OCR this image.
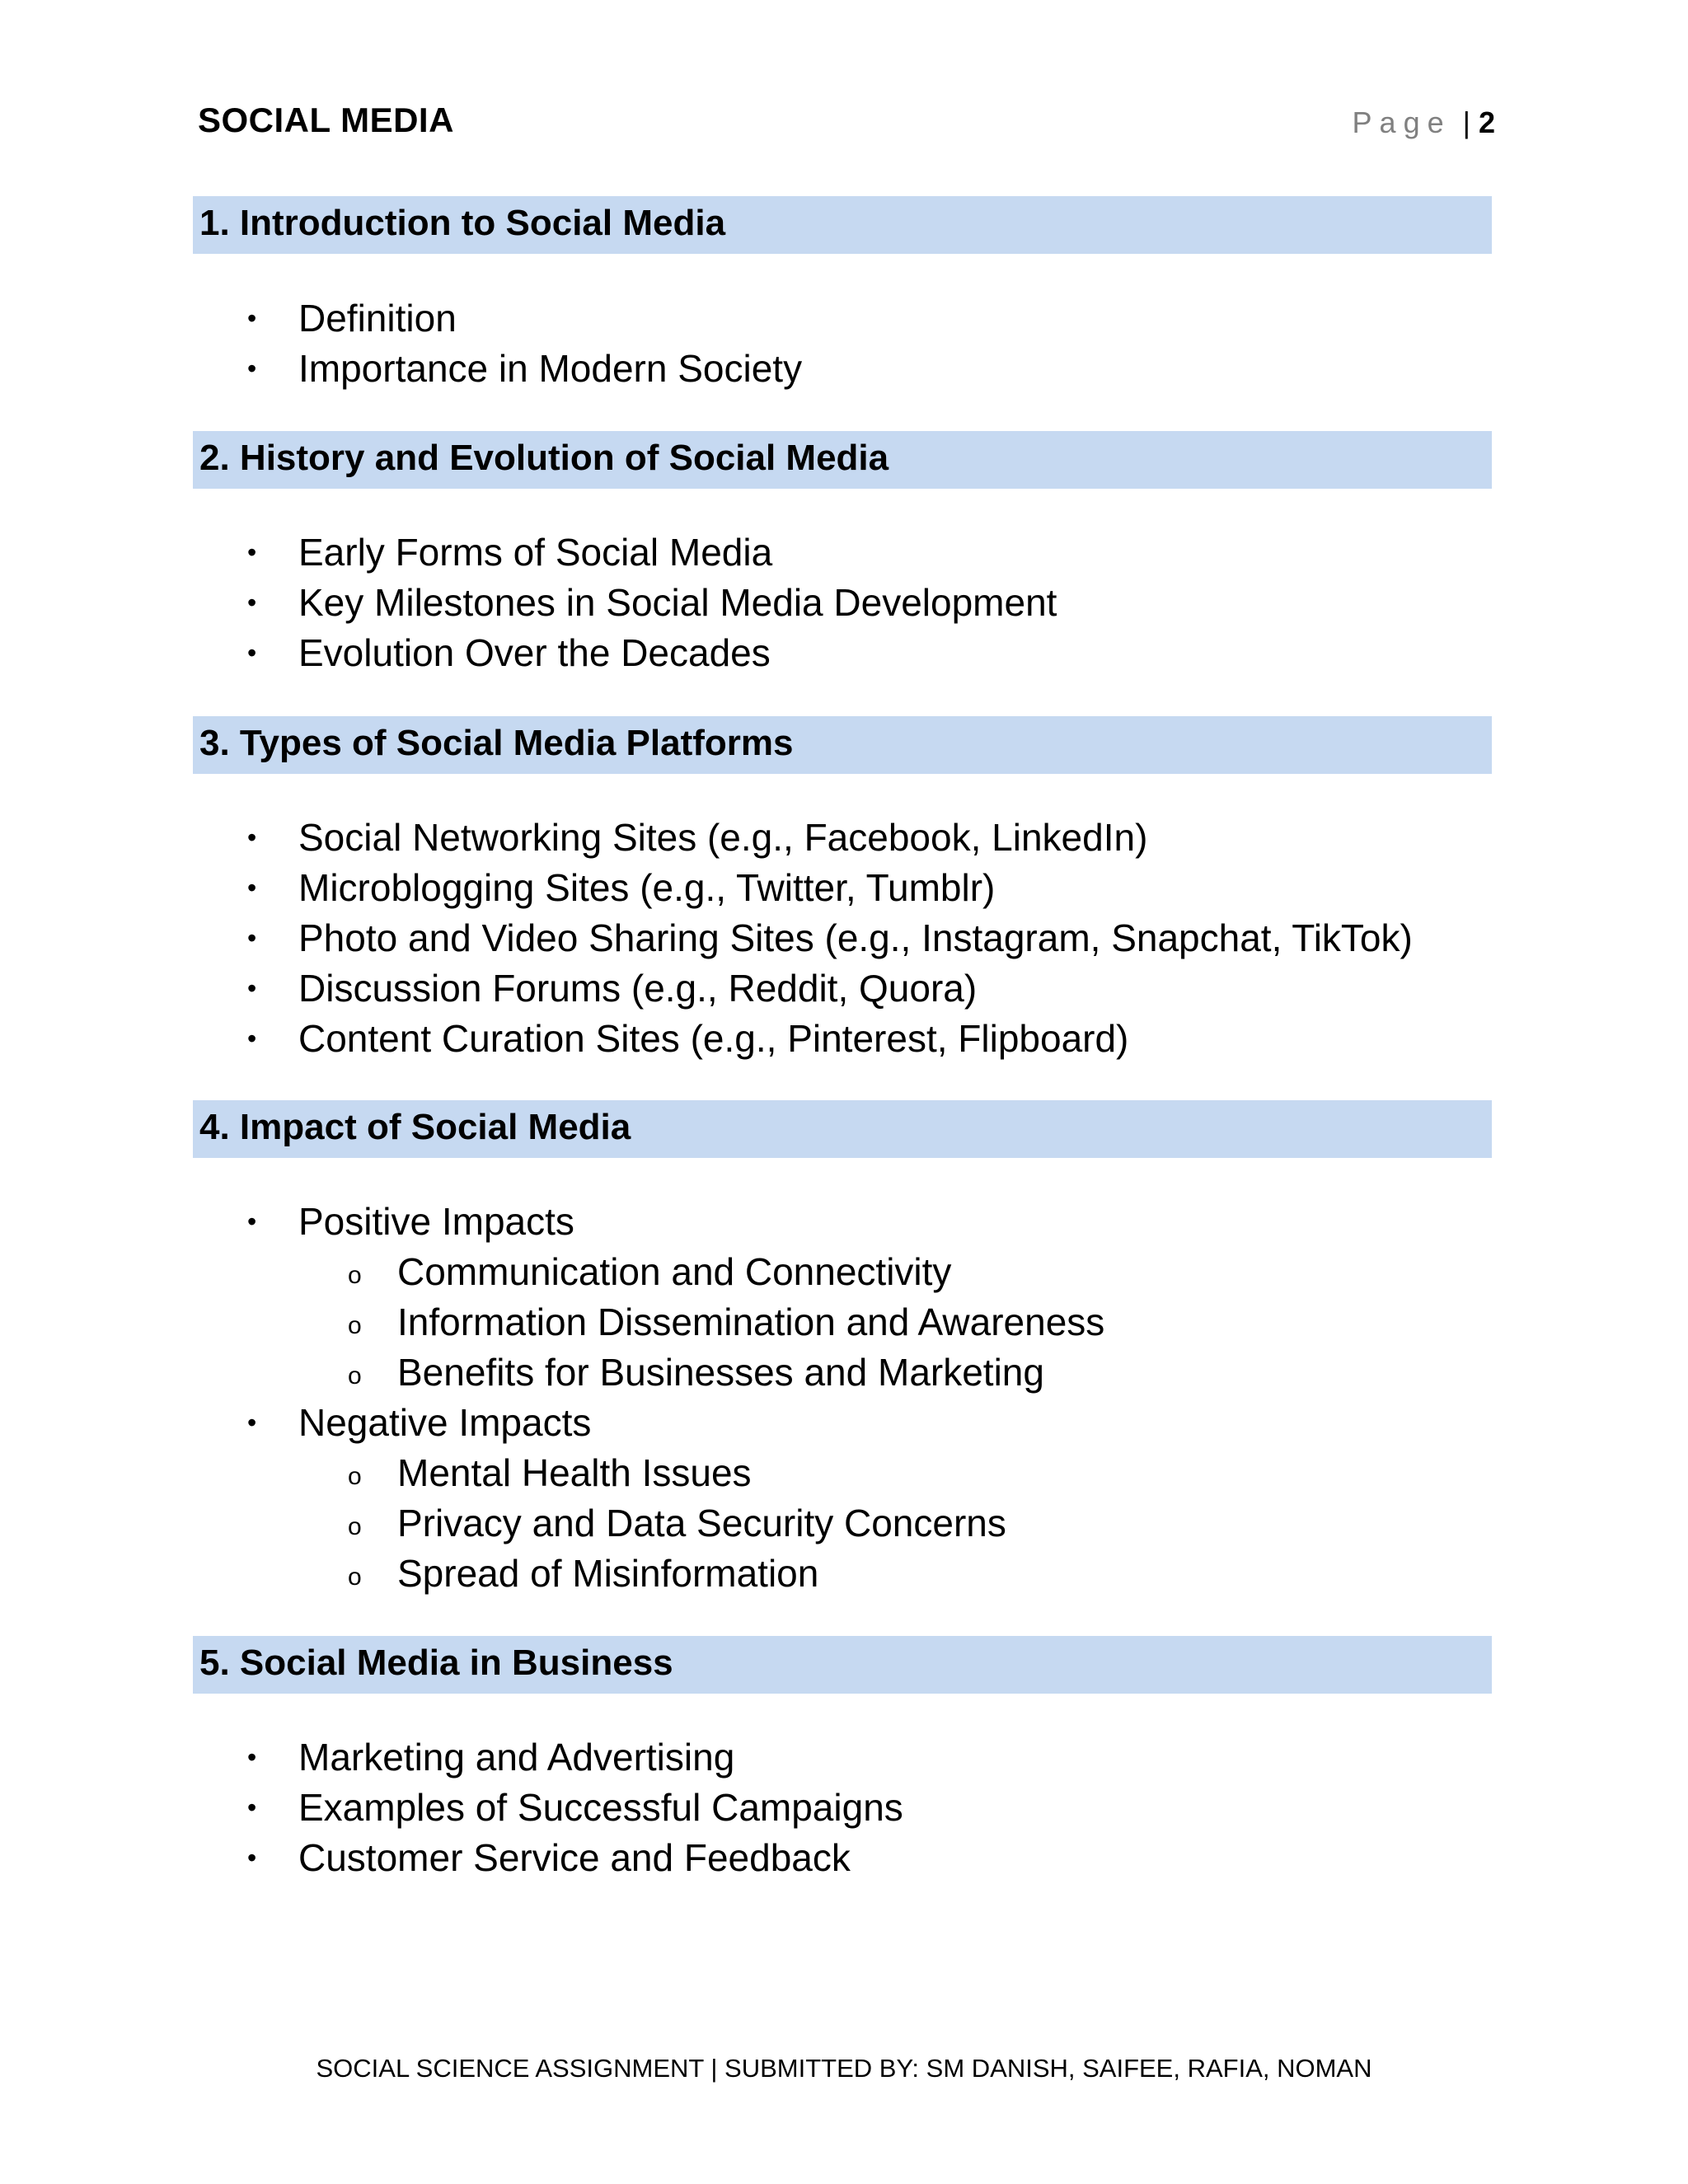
SOCIAL MEDIA	Page | 2
1. Introduction to Social Media
• Definition
• Importance in Modern Society
2. History and Evolution of Social Media
• Early Forms of Social Media
• Key Milestones in Social Media Development
• Evolution Over the Decades
3. Types of Social Media Platforms
• Social Networking Sites (e.g., Facebook, LinkedIn)
• Microblogging Sites (e.g., Twitter, Tumblr)
• Photo and Video Sharing Sites (e.g., Instagram, Snapchat, TikTok)
• Discussion Forums (e.g., Reddit, Quora)
• Content Curation Sites (e.g., Pinterest, Flipboard)
4. Impact of Social Media
• Positive Impacts
o Communication and Connectivity
o Information Dissemination and Awareness
o Benefits for Businesses and Marketing
• Negative Impacts
o Mental Health Issues
o Privacy and Data Security Concerns
o Spread of Misinformation
5. Social Media in Business
• Marketing and Advertising
• Examples of Successful Campaigns
• Customer Service and Feedback
SOCIAL SCIENCE ASSIGNMENT | SUBMITTED BY: SM DANISH, SAIFEE, RAFIA, NOMAN
